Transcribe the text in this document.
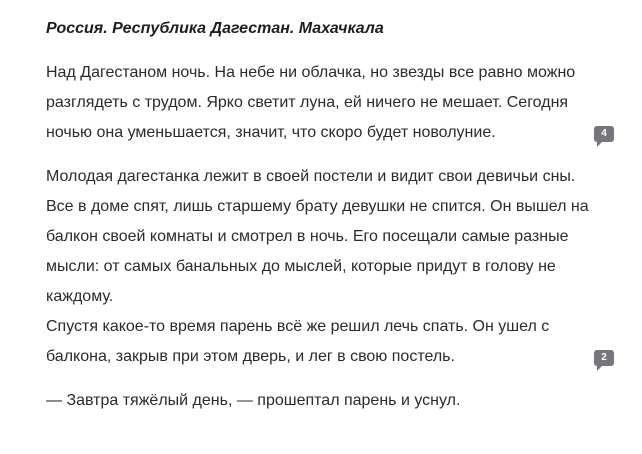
Россия. Республика Дагестан. Махачкала
Над Дагестаном ночь. На небе ни облачка, но звезды все равно можно разглядеть с трудом. Ярко светит луна, ей ничего не мешает. Сегодня ночью она уменьшается, значит, что скоро будет новолуние.	4
Молодая дагестанка лежит в своей постели и видит свои девичьи сны. Все в доме спят, лишь старшему брату девушки не спится. Он вышел на балкон своей комнаты и смотрел в ночь. Его посещали самые разные мысли: от самых банальных до мыслей, которые придут в голову не каждому.
Спустя какое-то время парень всё же решил лечь спать. Он ушел с балкона, закрыв при этом дверь, и лег в свою постель.	2
— Завтра тяжёлый день, — прошептал парень и уснул.
